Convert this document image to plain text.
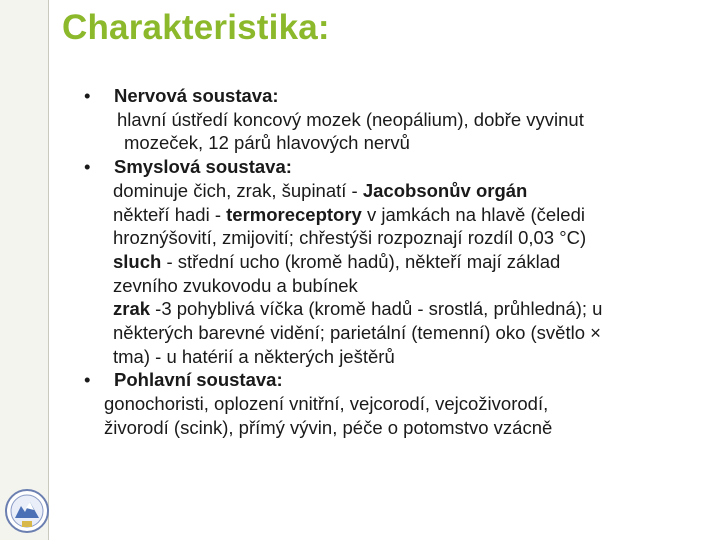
Charakteristika:
• Nervová soustava:
hlavní ústředí koncový mozek (neopálium), dobře vyvinut
mozeček, 12 párů hlavových nervů
• Smyslová soustava:
dominuje čich, zrak, šupinatí - Jacobsonův orgán
někteří hadi - termoreceptory v jamkách na hlavě (čeledi
hroznýšovití, zmijovití; chřestýši rozpoznají rozdíl 0,03 °C)
sluch - střední ucho (kromě hadů), někteří mají základ
zevního zvukovodu a bubínek
zrak -3 pohyblivá víčka (kromě hadů - srostlá, průhledná); u
některých barevné vidění; parietální (temenní) oko (světlo ×
tma) - u hatérií a některých ještěrů
• Pohlavní soustava:
gonochoristi, oplození vnitřní, vejcorodí, vejcoživorodí,
živorodí (scink), přímý vývin, péče o potomstvo vzácně
